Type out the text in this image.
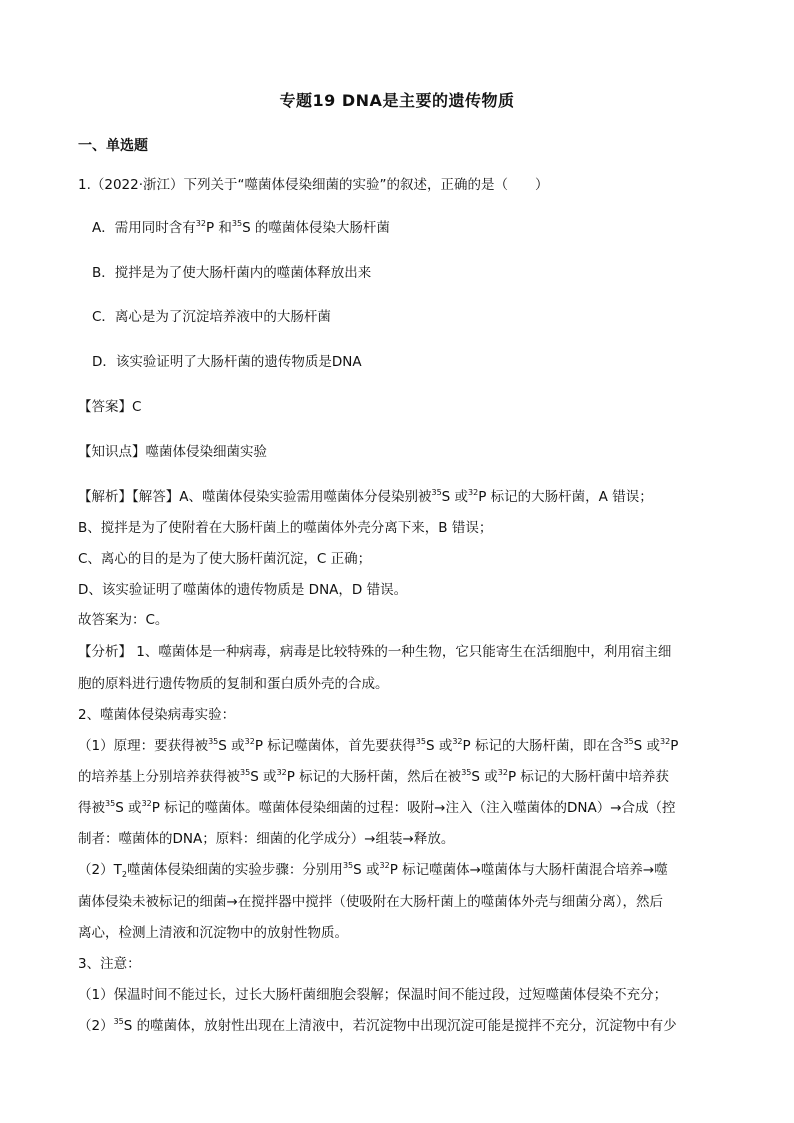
专题19 DNA是主要的遗传物质
一、单选题
1.（2022·浙江）下列关于“噬菌体侵染细菌的实验”的叙述，正确的是（　　）
A．需用同时含有$^{32}$P 和$^{35}$S 的噬菌体侵染大肠杆菌
B．搅拌是为了使大肠杆菌内的噬菌体释放出来
C．离心是为了沉淀培养液中的大肠杆菌
D．该实验证明了大肠杆菌的遗传物质是DNA
【答案】C
【知识点】噬菌体侵染细菌实验
【解析】【解答】A、噬菌体侵染实验需用噬菌体分侵染别被$^{35}$S 或$^{32}$P 标记的大肠杆菌，A 错误；
B、搅拌是为了使附着在大肠杆菌上的噬菌体外壳分离下来，B 错误；
C、离心的目的是为了使大肠杆菌沉淀，C 正确；
D、该实验证明了噬菌体的遗传物质是 DNA，D 错误。
故答案为：C。
【分析】 1、噬菌体是一种病毒，病毒是比较特殊的一种生物，它只能寄生在活细胞中，利用宿主细
胞的原料进行遗传物质的复制和蛋白质外壳的合成。
2、噬菌体侵染病毒实验：
（1）原理：要获得被$^{35}$S 或$^{32}$P 标记噬菌体，首先要获得$^{35}$S 或$^{32}$P 标记的大肠杆菌，即在含$^{35}$S 或$^{32}$P
的培养基上分别培养获得被$^{35}$S 或$^{32}$P 标记的大肠杆菌，然后在被$^{35}$S 或$^{32}$P 标记的大肠杆菌中培养获
得被$^{35}$S 或$^{32}$P 标记的噬菌体。噬菌体侵染细菌的过程：吸附→注入（注入噬菌体的DNA）→合成（控
制者：噬菌体的DNA；原料：细菌的化学成分）→组装→释放。
$(2)T_2$噬菌体侵染细菌的实验步骤：分别用$^{35}$S 或$^{32}$P 标记噬菌体→噬菌体与大肠杆菌混合培养→噬
菌体侵染未被标记的细菌→在搅拌器中搅拌（使吸附在大肠杆菌上的噬菌体外壳与细菌分离），然后
离心，检测上清液和沉淀物中的放射性物质。
3、注意：
（1）保温时间不能过长，过长大肠杆菌细胞会裂解；保温时间不能过段，过短噬菌体侵染不充分；
$(2)^{35}S$ 的噬菌体，放射性出现在上清液中，若沉淀物中出现沉淀可能是搅拌不充分，沉淀物中有少
